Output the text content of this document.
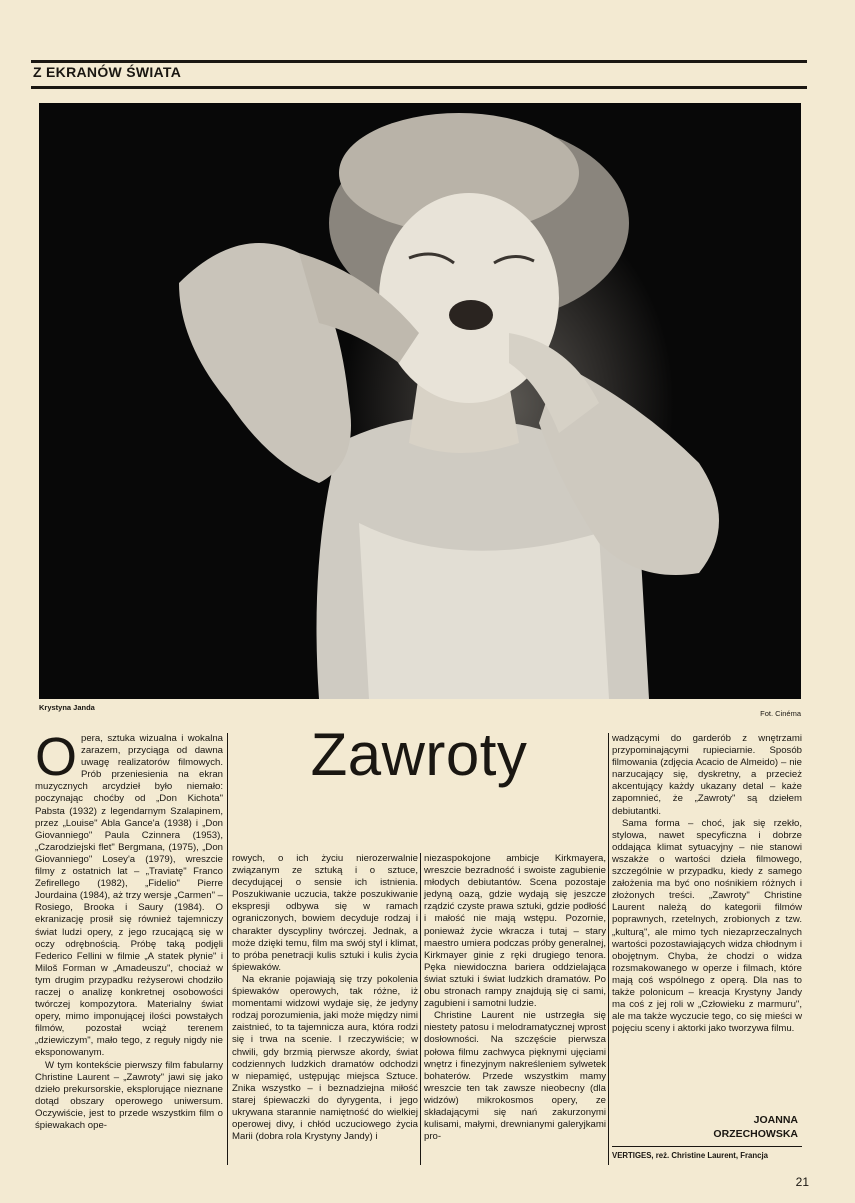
Z EKRANÓW ŚWIATA
Krystyna Janda
Fot. Cinéma
Zawroty

Opera, sztuka wizualna i wokalna zarazem, przyciąga od dawna uwagę realizatorów filmowych. Prób przeniesienia na ekran muzycznych arcydzieł było niemało: poczynając choćby od „Don Kichota" Pabsta (1932) z legendarnym Szalapinem, przez „Louise" Abla Gance'a (1938) i „Don Giovanniego" Paula Czinnera (1953), „Czarodziejski flet" Bergmana, (1975), „Don Giovanniego" Losey'a (1979), wreszcie filmy z ostatnich lat – „Traviatę" Franco Zefirellego (1982), „Fidelio" Pierre Jourdaina (1984), aż trzy wersje „Carmen" – Rosiego, Brooka i Saury (1984). O ekranizację prosił się również tajemniczy świat ludzi opery, z jego rzucającą się w oczy odrębnością. Próbę taką podjęli Federico Fellini w filmie „A statek płynie" i Miloš Forman w „Amadeuszu", chociaż w tym drugim przypadku reżyserowi chodziło raczej o analizę konkretnej osobowości twórczej kompozytora. Materialny świat opery, mimo imponującej ilości powstałych filmów, pozostał wciąż terenem „dziewiczym", mało tego, z reguły nigdy nie eksponowanym.

W tym kontekście pierwszy film fabularny Christine Laurent – „Zawroty" jawi się jako dzieło prekursorskie, eksplorujące nieznane dotąd obszary operowego uniwersum. Oczywiście, jest to przede wszystkim film o śpiewakach ope-

rowych, o ich życiu nierozerwalnie związanym ze sztuką i o sztuce, decydującej o sensie ich istnienia. Poszukiwanie uczucia, także poszukiwanie ekspresji odbywa się w ramach ograniczonych, bowiem decyduje rodzaj i charakter dyscypliny twórczej. Jednak, a może dzięki temu, film ma swój styl i klimat, to próba penetracji kulis sztuki i kulis życia śpiewaków.

Na ekranie pojawiają się trzy pokolenia śpiewaków operowych, tak różne, iż momentami widzowi wydaje się, że jedyny rodzaj porozumienia, jaki może między nimi zaistnieć, to ta tajemnicza aura, która rodzi się i trwa na scenie. I rzeczywiście; w chwili, gdy brzmią pierwsze akordy, świat codziennych ludzkich dramatów odchodzi w niepamięć, ustępując miejsca Sztuce. Znika wszystko – i beznadziejna miłość starej śpiewaczki do dyrygenta, i jego ukrywana starannie namiętność do wielkiej operowej divy, i chłód uczuciowego życia Marii (dobra rola Krystyny Jandy) i

niezaspokojone ambicje Kirkmayera, wreszcie bezradność i swoiste zagubienie młodych debiutantów. Scena pozostaje jedyną oazą, gdzie wydają się jeszcze rządzić czyste prawa sztuki, gdzie podłość i małość nie mają wstępu. Pozornie, ponieważ życie wkracza i tutaj – stary maestro umiera podczas próby generalnej, Kirkmayer ginie z ręki drugiego tenora. Pęka niewidoczna bariera oddzielająca świat sztuki i świat ludzkich dramatów. Po obu stronach rampy znajdują się ci sami, zagubieni i samotni ludzie.

Christine Laurent nie ustrzegła się niestety patosu i melodramatycznej wprost dosłowności. Na szczęście pierwsza połowa filmu zachwyca pięknymi ujęciami wnętrz i finezyjnym nakreśleniem sylwetek bohaterów. Przede wszystkim mamy wreszcie ten tak zawsze nieobecny (dla widzów) mikrokosmos opery, ze składającymi się nań zakurzonymi kulisami, małymi, drewnianymi galeryjkami pro-

wadzącymi do garderób z wnętrzami przypominającymi rupieciarnie. Sposób filmowania (zdjęcia Acacio de Almeido) – nie narzucający się, dyskretny, a przecież akcentujący każdy ukazany detal – każe zapomnieć, że „Zawroty" są dziełem debiutantki.

Sama forma – choć, jak się rzekło, stylowa, nawet specyficzna i dobrze oddająca klimat sytuacyjny – nie stanowi wszakże o wartości dzieła filmowego, szczególnie w przypadku, kiedy z samego założenia ma być ono nośnikiem różnych i złożonych treści. „Zawroty" Christine Laurent należą do kategorii filmów poprawnych, rzetelnych, zrobionych z tzw. „kulturą", ale mimo tych niezaprzeczalnych wartości pozostawiających widza chłodnym i obojętnym. Chyba, że chodzi o widza rozsmakowanego w operze i filmach, które mają coś wspólnego z operą. Dla nas to także polonicum – kreacja Krystyny Jandy ma coś z jej roli w „Człowieku z marmuru", ale ma także wyczucie tego, co się mieści w pojęciu sceny i aktorki jako tworzywa filmu.

JOANNA
ORZECHOWSKA
VERTIGES, reż. Christine Laurent, Francja
21
